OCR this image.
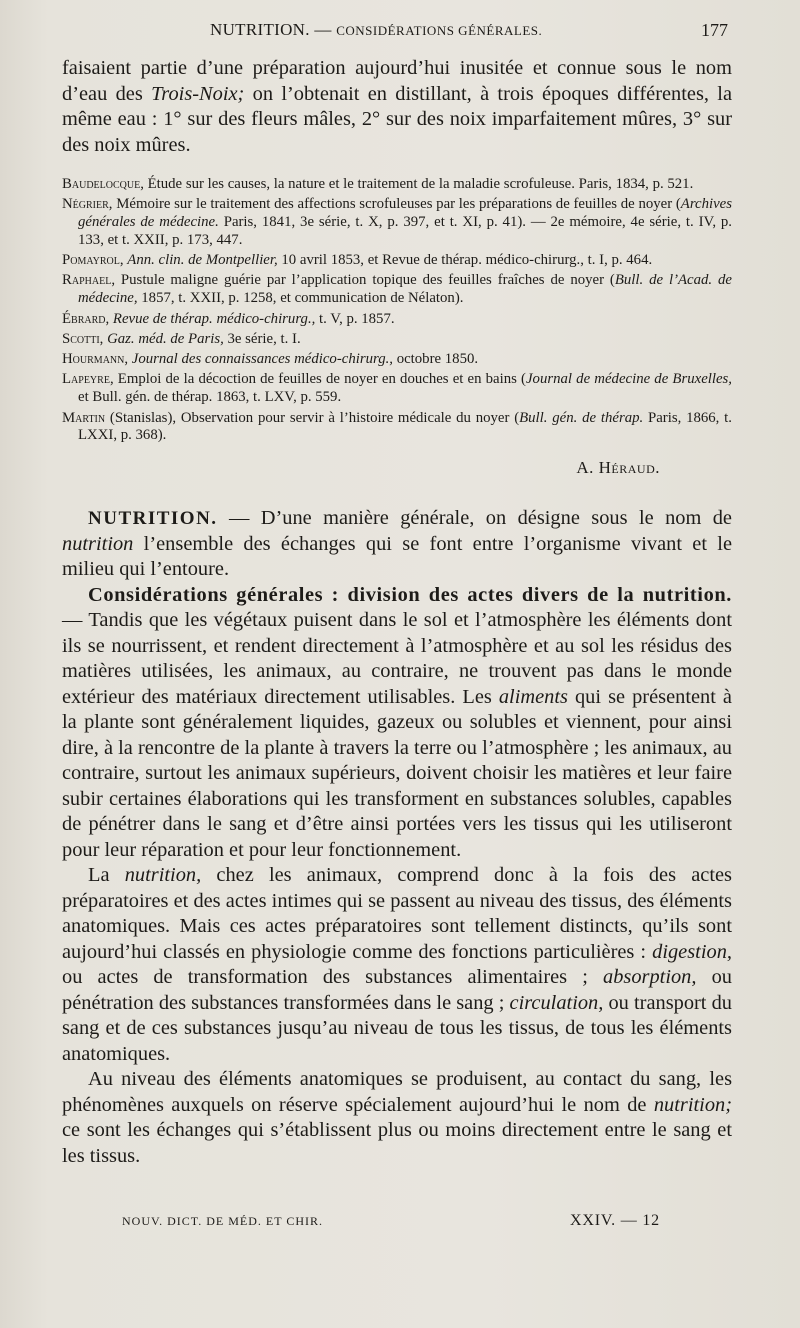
NUTRITION. — CONSIDÉRATIONS GÉNÉRALES.	177
faisaient partie d’une préparation aujourd’hui inusitée et connue sous le nom d’eau des Trois-Noix; on l’obtenait en distillant, à trois époques différentes, la même eau : 1° sur des fleurs mâles, 2° sur des noix imparfaitement mûres, 3° sur des noix mûres.
Baudelocque, Étude sur les causes, la nature et le traitement de la maladie scrofuleuse. Paris, 1834, p. 521.
Négrier, Mémoire sur le traitement des affections scrofuleuses par les préparations de feuilles de noyer (Archives générales de médecine. Paris, 1841, 3e série, t. X, p. 397, et t. XI, p. 41). — 2e mémoire, 4e série, t. IV, p. 133, et t. XXII, p. 173, 447.
Pomayrol, Ann. clin. de Montpellier, 10 avril 1853, et Revue de thérap. médico-chirurg., t. I, p. 464.
Raphael, Pustule maligne guérie par l’application topique des feuilles fraîches de noyer (Bull. de l’Acad. de médecine, 1857, t. XXII, p. 1258, et communication de Nélaton).
Ébrard, Revue de thérap. médico-chirurg., t. V, p. 1857.
Scotti, Gaz. méd. de Paris, 3e série, t. I.
Hourmann, Journal des connaissances médico-chirurg., octobre 1850.
Lapeyre, Emploi de la décoction de feuilles de noyer en douches et en bains (Journal de médecine de Bruxelles, et Bull. gén. de thérap. 1863, t. LXV, p. 559.
Martin (Stanislas), Observation pour servir à l’histoire médicale du noyer (Bull. gén. de thérap. Paris, 1866, t. LXXI, p. 368).
A. Héraud.

NUTRITION. — D’une manière générale, on désigne sous le nom de nutrition l’ensemble des échanges qui se font entre l’organisme vivant et le milieu qui l’entoure.

Considérations générales : division des actes divers de la nutrition. — Tandis que les végétaux puisent dans le sol et l’atmosphère les éléments dont ils se nourrissent, et rendent directement à l’atmosphère et au sol les résidus des matières utilisées, les animaux, au contraire, ne trouvent pas dans le monde extérieur des matériaux directement utilisables. Les aliments qui se présentent à la plante sont généralement liquides, gazeux ou solubles et viennent, pour ainsi dire, à la rencontre de la plante à travers la terre ou l’atmosphère ; les animaux, au contraire, surtout les animaux supérieurs, doivent choisir les matières et leur faire subir certaines élaborations qui les transforment en substances solubles, capables de pénétrer dans le sang et d’être ainsi portées vers les tissus qui les utiliseront pour leur réparation et pour leur fonctionnement.

La nutrition, chez les animaux, comprend donc à la fois des actes préparatoires et des actes intimes qui se passent au niveau des tissus, des éléments anatomiques. Mais ces actes préparatoires sont tellement distincts, qu’ils sont aujourd’hui classés en physiologie comme des fonctions particulières : digestion, ou actes de transformation des substances alimentaires ; absorption, ou pénétration des substances transformées dans le sang ; circulation, ou transport du sang et de ces substances jusqu’au niveau de tous les tissus, de tous les éléments anatomiques.

Au niveau des éléments anatomiques se produisent, au contact du sang, les phénomènes auxquels on réserve spécialement aujourd’hui le nom de nutrition; ce sont les échanges qui s’établissent plus ou moins directement entre le sang et les tissus.

NOUV. DICT. DE MÉD. ET CHIR.	XXIV. — 12
